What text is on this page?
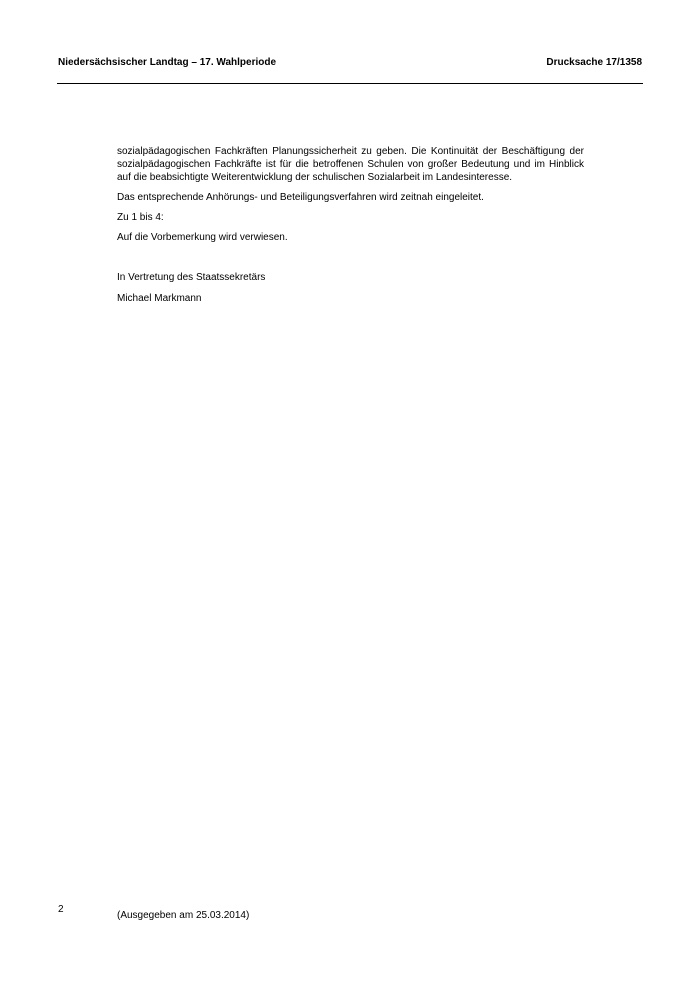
Niedersächsischer Landtag – 17. Wahlperiode	Drucksache 17/1358

sozialpädagogischen Fachkräften Planungssicherheit zu geben. Die Kontinuität der Beschäftigung der sozialpädagogischen Fachkräfte ist für die betroffenen Schulen von großer Bedeutung und im Hinblick auf die beabsichtigte Weiterentwicklung der schulischen Sozialarbeit im Landesinteresse.

Das entsprechende Anhörungs- und Beteiligungsverfahren wird zeitnah eingeleitet.

Zu 1 bis 4:

Auf die Vorbemerkung wird verwiesen.

In Vertretung des Staatssekretärs

Michael Markmann

2
(Ausgegeben am 25.03.2014)
